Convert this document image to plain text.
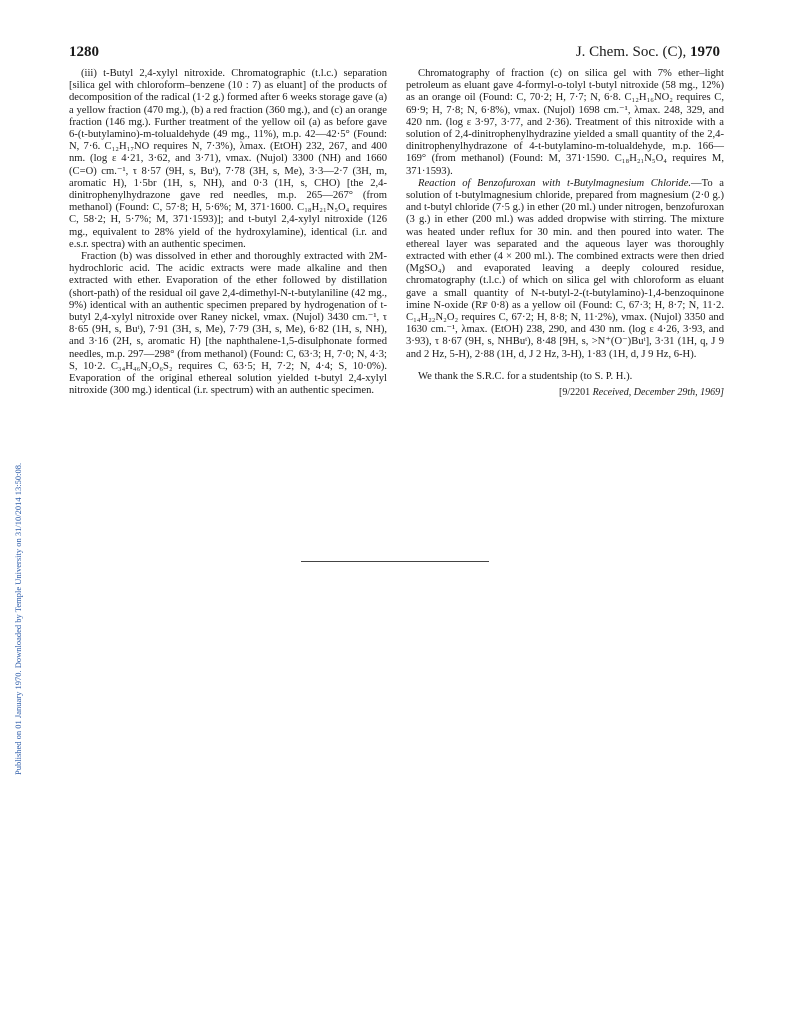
1280	J. Chem. Soc. (C), 1970
Published on 01 January 1970. Downloaded by Temple University on 31/10/2014 13:50:08.

(iii) t-Butyl 2,4-xylyl nitroxide. Chromatographic (t.l.c.) separation [silica gel with chloroform–benzene (10 : 7) as eluant] of the products of decomposition of the radical (1·2 g.) formed after 6 weeks storage gave (a) a yellow fraction (470 mg.), (b) a red fraction (360 mg.), and (c) an orange fraction (146 mg.). Further treatment of the yellow oil (a) as before gave 6-(t-butylamino)-m-tolualdehyde (49 mg., 11%), m.p. 42—42·5° (Found: N, 7·6. C₁₂H₁₇NO requires N, 7·3%), λmax. (EtOH) 232, 267, and 400 nm. (log ε 4·21, 3·62, and 3·71), νmax. (Nujol) 3300 (NH) and 1660 (C=O) cm.⁻¹, τ 8·57 (9H, s, Buᵗ), 7·78 (3H, s, Me), 3·3—2·7 (3H, m, aromatic H), 1·5br (1H, s, NH), and 0·3 (1H, s, CHO) [the 2,4-dinitrophenylhydrazone gave red needles, m.p. 265—267° (from methanol) (Found: C, 57·8; H, 5·6%; M, 371·1600. C₁₈H₂₁N₅O₄ requires C, 58·2; H, 5·7%; M, 371·1593)]; and t-butyl 2,4-xylyl nitroxide (126 mg., equivalent to 28% yield of the hydroxylamine), identical (i.r. and e.s.r. spectra) with an authentic specimen.

Fraction (b) was dissolved in ether and thoroughly extracted with 2M-hydrochloric acid. The acidic extracts were made alkaline and then extracted with ether. Evaporation of the ether followed by distillation (short-path) of the residual oil gave 2,4-dimethyl-N-t-butylaniline (42 mg., 9%) identical with an authentic specimen prepared by hydrogenation of t-butyl 2,4-xylyl nitroxide over Raney nickel, νmax. (Nujol) 3430 cm.⁻¹, τ 8·65 (9H, s, Buᵗ), 7·91 (3H, s, Me), 7·79 (3H, s, Me), 6·82 (1H, s, NH), and 3·16 (2H, s, aromatic H) [the naphthalene-1,5-disulphonate formed needles, m.p. 297—298° (from methanol) (Found: C, 63·3; H, 7·0; N, 4·3; S, 10·2. C₃₄H₄₆N₂O₆S₂ requires C, 63·5; H, 7·2; N, 4·4; S, 10·0%). Evaporation of the original ethereal solution yielded t-butyl 2,4-xylyl nitroxide (300 mg.) identical (i.r. spectrum) with an authentic specimen.

Chromatography of fraction (c) on silica gel with 7% ether–light petroleum as eluant gave 4-formyl-o-tolyl t-butyl nitroxide (58 mg., 12%) as an orange oil (Found: C, 70·2; H, 7·7; N, 6·8. C₁₂H₁₆NO₂ requires C, 69·9; H, 7·8; N, 6·8%), νmax. (Nujol) 1698 cm.⁻¹, λmax. 248, 329, and 420 nm. (log ε 3·97, 3·77, and 2·36). Treatment of this nitroxide with a solution of 2,4-dinitrophenylhydrazine yielded a small quantity of the 2,4-dinitrophenylhydrazone of 4-t-butylamino-m-tolualdehyde, m.p. 166—169° (from methanol) (Found: M, 371·1590. C₁₈H₂₁N₅O₄ requires M, 371·1593).

Reaction of Benzofuroxan with t-Butylmagnesium Chloride.—To a solution of t-butylmagnesium chloride, prepared from magnesium (2·0 g.) and t-butyl chloride (7·5 g.) in ether (20 ml.) under nitrogen, benzofuroxan (3 g.) in ether (200 ml.) was added dropwise with stirring. The mixture was heated under reflux for 30 min. and then poured into water. The ethereal layer was separated and the aqueous layer was thoroughly extracted with ether (4 × 200 ml.). The combined extracts were then dried (MgSO₄) and evaporated leaving a deeply coloured residue, chromatography (t.l.c.) of which on silica gel with chloroform as eluant gave a small quantity of N-t-butyl-2-(t-butylamino)-1,4-benzoquinone imine N-oxide (Rꜰ 0·8) as a yellow oil (Found: C, 67·3; H, 8·7; N, 11·2. C₁₄H₂₂N₂O₂ requires C, 67·2; H, 8·8; N, 11·2%), νmax. (Nujol) 3350 and 1630 cm.⁻¹, λmax. (EtOH) 238, 290, and 430 nm. (log ε 4·26, 3·93, and 3·93), τ 8·67 (9H, s, NHBuᵗ), 8·48 [9H, s, >N⁺(O⁻)Buᵗ], 3·31 (1H, q, J 9 and 2 Hz, 5-H), 2·88 (1H, d, J 2 Hz, 3-H), 1·83 (1H, d, J 9 Hz, 6-H).

We thank the S.R.C. for a studentship (to S. P. H.).

[9/2201 Received, December 29th, 1969]
